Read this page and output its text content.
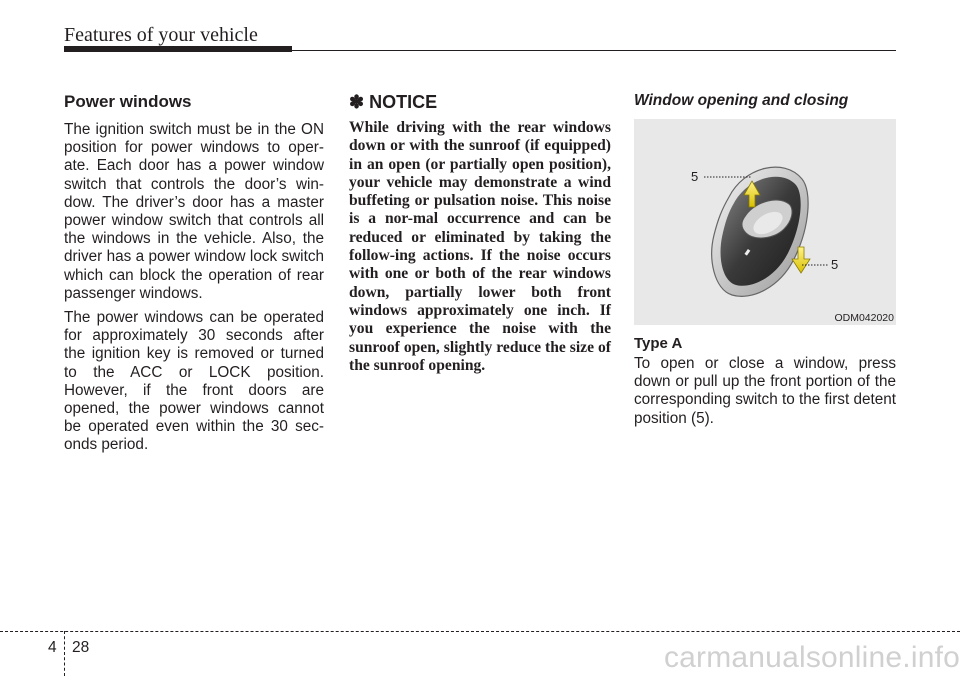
Features of your vehicle
Power windows

The ignition switch must be in the ON position for power windows to oper-ate. Each door has a power window switch that controls the door’s win-dow. The driver’s door has a master power window switch that controls all the windows in the vehicle. Also, the driver has a power window lock switch which can block the operation of rear passenger windows.

The power windows can be operated for approximately 30 seconds after the ignition key is removed or turned to the ACC or LOCK position. However, if the front doors are opened, the power windows cannot be operated even within the 30 sec-onds period.

✽ NOTICE

While driving with the rear windows down or with the sunroof (if equipped) in an open (or partially open position), your vehicle may demonstrate a wind buffeting or pulsation noise. This noise is a nor-mal occurrence and can be reduced or eliminated by taking the follow-ing actions. If the noise occurs with one or both of the rear windows down, partially lower both front windows approximately one inch. If you experience the noise with the sunroof open, slightly reduce the size of the sunroof opening.

Window opening and closing
5
5
ODM042020
Type A

To open or close a window, press down or pull up the front portion of the corresponding switch to the first detent position (5).

4 28	carmanualsonline.info
